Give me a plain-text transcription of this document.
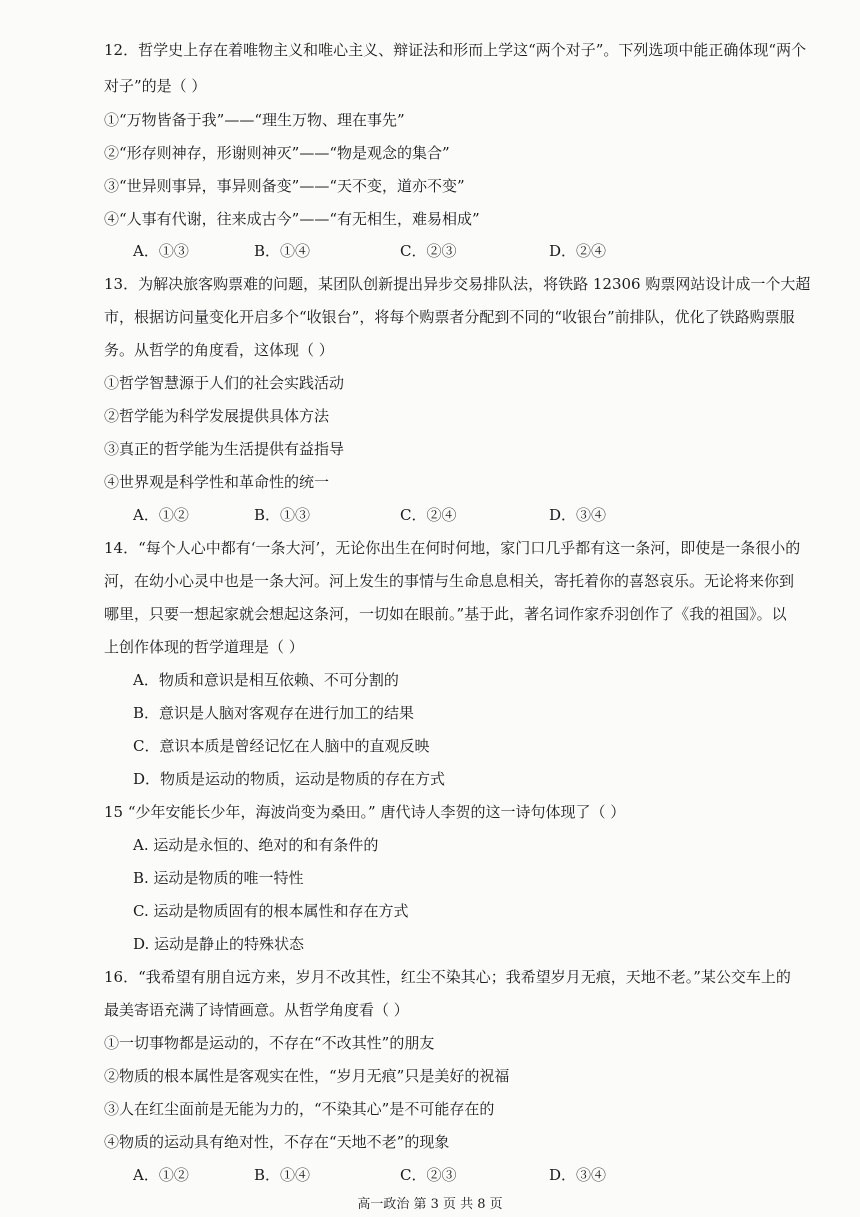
12．哲学史上存在着唯物主义和唯心主义、辩证法和形而上学这“两个对子”。下列选项中能正确体现“两个
对子”的是（ ）
①“万物皆备于我”——“理生万物、理在事先”
②“形存则神存，形谢则神灭”——“物是观念的集合”
③“世异则事异，事异则备变”——“天不变，道亦不变”
④“人事有代谢，往来成古今”——“有无相生，难易相成”
A．①③	B．①④	C．②③	D．②④
13．为解决旅客购票难的问题，某团队创新提出异步交易排队法，将铁路 12306 购票网站设计成一个大超
市，根据访问量变化开启多个“收银台”，将每个购票者分配到不同的“收银台”前排队，优化了铁路购票服
务。从哲学的角度看，这体现（ ）
①哲学智慧源于人们的社会实践活动
②哲学能为科学发展提供具体方法
③真正的哲学能为生活提供有益指导
④世界观是科学性和革命性的统一
A．①②	B．①③	C．②④	D．③④
14．“每个人心中都有‘一条大河’，无论你出生在何时何地，家门口几乎都有这一条河，即使是一条很小的
河，在幼小心灵中也是一条大河。河上发生的事情与生命息息相关，寄托着你的喜怒哀乐。无论将来你到
哪里，只要一想起家就会想起这条河，一切如在眼前。”基于此，著名词作家乔羽创作了《我的祖国》。以
上创作体现的哲学道理是（ ）
A．物质和意识是相互依赖、不可分割的
B．意识是人脑对客观存在进行加工的结果
C．意识本质是曾经记忆在人脑中的直观反映
D．物质是运动的物质，运动是物质的存在方式
15 “少年安能长少年，海波尚变为桑田。” 唐代诗人李贺的这一诗句体现了（ ）
A. 运动是永恒的、绝对的和有条件的
B. 运动是物质的唯一特性
C. 运动是物质固有的根本属性和存在方式
D. 运动是静止的特殊状态
16．“我希望有朋自远方来，岁月不改其性，红尘不染其心；我希望岁月无痕，天地不老。”某公交车上的
最美寄语充满了诗情画意。从哲学角度看（ ）
①一切事物都是运动的，不存在“不改其性”的朋友
②物质的根本属性是客观实在性，“岁月无痕”只是美好的祝福
③人在红尘面前是无能为力的，“不染其心”是不可能存在的
④物质的运动具有绝对性，不存在“天地不老”的现象
A．①②	B．①④	C．②③	D．③④
高一政治 第 3 页 共 8 页
